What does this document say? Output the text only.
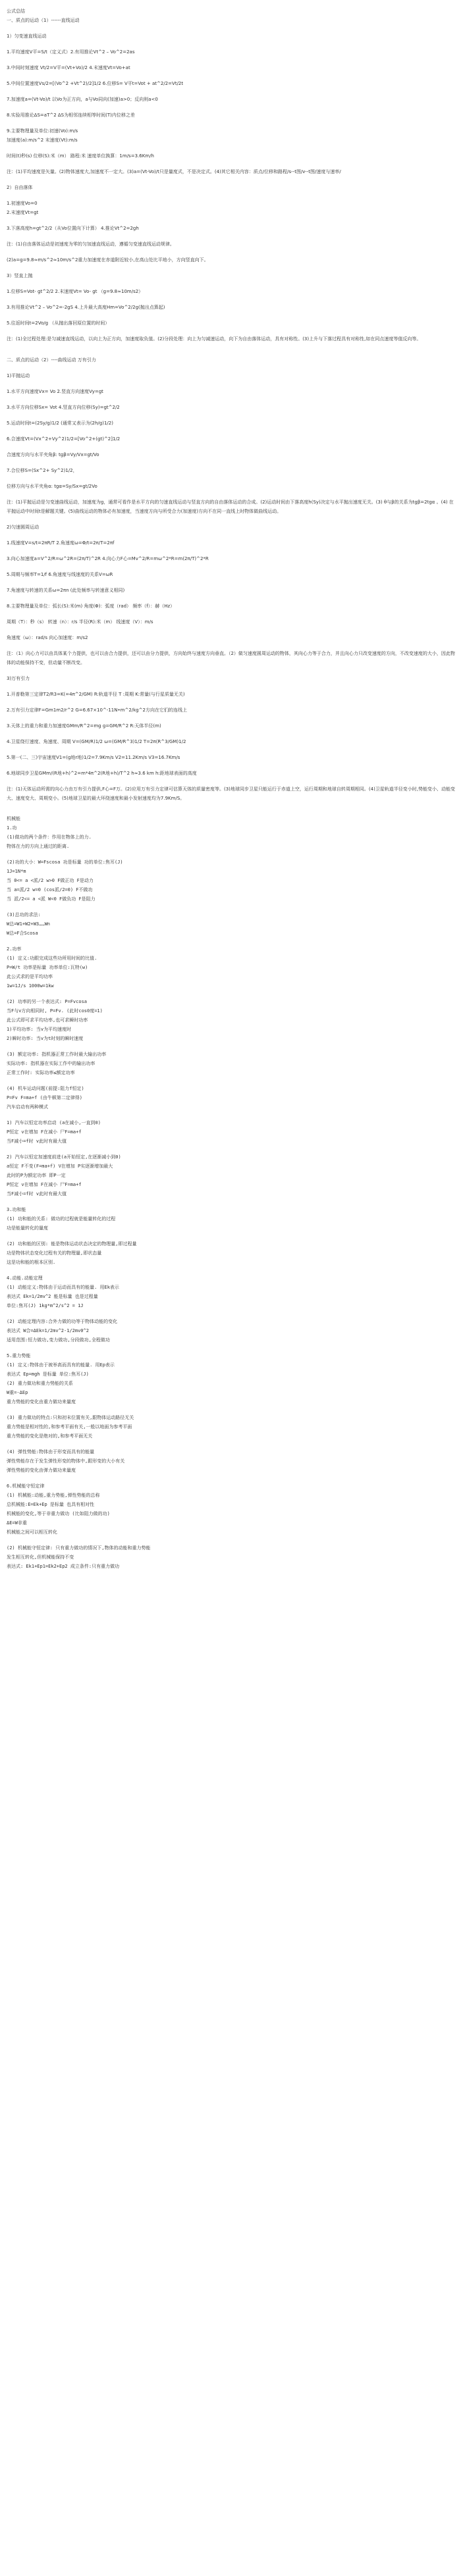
公式总结
一、质点的运动（1）------直线运动
1）匀变速直线运动
1.平均速度V平=S/t（定义式）2.有用推论Vt^2 – Vo^2=2as
3.中间时刻速度 Vt/2=V平=(Vt+Vo)/2 4.末速度Vt=Vo+at
5.中间位置速度Vs/2=[(Vo^2 +Vt^2)/2]1/2 6.位移S= V平t=Vot + at^2/2=Vt/2t
7.加速度a=(Vt-Vo)/t 以Vo为正方向，a与Vo同向(加速)a>0；反向则a<0
8.实验用推论ΔS=aT^2 ΔS为相邻连续相等时间(T)内位移之差
9.主要物理量及单位:初速(Vo):m/s
加速度(a):m/s^2 末速度(Vt):m/s
时间(t)秒(s) 位移(S):米（m） 路程:米 速度单位换算：1m/s=3.6Km/h
注：(1)平均速度是矢量。(2)物体速度大,加速度不一定大。(3)a=(Vt-Vo)/t只是量度式，不是决定式。(4)其它相关内容：质点/位移和路程/s--t图/v--t图/速度与速率/
2）自由落体
1.初速度Vo=0
2.末速度Vt=gt
3.下落高度h=gt^2/2（从Vo位置向下计算） 4.推论Vt^2=2gh
注：(1)自由落体运动是初速度为零的匀加速直线运动，遵循匀变速直线运动规律。
(2)a=g=9.8≈m/s^2≈10m/s^2重力加速度在赤道附近较小,在高山处比平地小，方向竖直向下。
3）竖直上抛
1.位移S=Vot- gt^2/2 2.末速度Vt= Vo- gt （g=9.8≈10m/s2）
3.有用推论Vt^2 – Vo^2=-2gS 4.上升最大高度Hm=Vo^2/2g(抛出点算起)
5.往返时间t=2Vo/g （从抛出落回原位置的时间）
注：(1)全过程处理:是匀减速直线运动，以向上为正方向，加速度取负值。(2)分段处理：向上为匀减速运动，向下为自由落体运动，具有对称性。(3)上升与下落过程具有对称性,如在同点速度等值反向等。
二、质点的运动（2）----曲线运动 万有引力
1)平抛运动
1.水平方向速度Vx= Vo 2.竖直方向速度Vy=gt
3.水平方向位移Sx= Vot 4.竖直方向位移(Sy)=gt^2/2
5.运动时间t=(2Sy/g)1/2 (通常又表示为(2h/g)1/2)
6.合速度Vt=(Vx^2+Vy^2)1/2=[Vo^2+(gt)^2]1/2
合速度方向与水平夹角β: tgβ=Vy/Vx=gt/Vo
7.合位移S=(Sx^2+ Sy^2)1/2，
位移方向与水平夹角α: tgα=Sy/Sx=gt/2Vo
注：(1)平抛运动是匀变速曲线运动，加速度为g，通常可看作是水平方向的匀速直线运动与竖直方向的自由落体运动的合成。(2)运动时间由下落高度h(Sy)决定与水平抛出速度无关。(3) θ与β的关系为tgβ=2tgα 。(4) 在平抛运动中时间t是解题关键。(5)曲线运动的物体必有加速度，当速度方向与所受合力(加速度)方向不在同一直线上时物体做曲线运动。
2)匀速圆周运动
1.线速度V=s/t=2πR/T 2.角速度ω=Φ/t=2π/T=2πf
3.向心加速度a=V^2/R=ω^2R=(2π/T)^2R 4.向心力F心=Mv^2/R=mω^2*R=m(2π/T)^2*R
5.周期与频率T=1/f 6.角速度与线速度的关系V=ωR
7.角速度与转速的关系ω=2πn (此处频率与转速意义相同)
8.主要物理量及单位：弧长(S):米(m) 角度(Φ)：弧度（rad） 频率（f）：赫（Hz）
周期（T）：秒（s） 转速（n）：r/s 半径(R):米（m） 线速度（V）：m/s
角速度（ω）：rad/s 向心加速度：m/s2
注：（1）向心力可以由具体某个力提供，也可以由合力提供，还可以由分力提供，方向始终与速度方向垂直。（2）做匀速度圆周运动的物体，其向心力等于合力，并且向心力只改变速度的方向，不改变速度的大小，因此物体的动能保持不变，但动量不断改变。
3)万有引力
1.开普勒第三定律T2/R3=K(=4π^2/GM) R:轨道半径 T :周期 K:常量(与行星质量无关)
2.万有引力定律F=Gm1m2/r^2 G=6.67×10^-11N•m^2/kg^2方向在它们的连线上
3.天体上的重力和重力加速度GMm/R^2=mg g=GM/R^2 R:天体半径(m)
4.卫星绕行速度、角速度、周期 V=(GM/R)1/2 ω=(GM/R^3)1/2 T=2π(R^3/GM)1/2
5.第一(二、三)宇宙速度V1=(g地r地)1/2=7.9Km/s V2=11.2Km/s V3=16.7Km/s
6.地球同步卫星GMm/(R地+h)^2=m*4π^2(R地+h)/T^2 h≈3.6 km h:距地球表面的高度
注：(1)天体运动所需的向心力由万有引力提供,F心=F万。(2)应用万有引力定律可估算天体的质量密度等。(3)地球同步卫星只能运行于赤道上空，运行周期和地球自转周期相同。(4)卫星轨道半径变小时,势能变小、动能变大、速度变大、周期变小。(5)地球卫星的最大环绕速度和最小发射速度均为7.9Km/S。
机械能
1.功
(1)做功的两个条件：作用在物体上的力.
物体在力的方向上通过的距离.
(2)功的大小：W=Fscosa 功是标量 功的单位:焦耳(J)
1J=1N*m
当 0<= a <派/2 w>0 F做正功 F是动力
当 a=派/2 w=0 (cos派/2=0) F不做功
当 派/2<= a <派 W<0 F做负功 F是阻力
(3)总功的求法:
W总=W1+W2+W3……Wn
W总=F合Scosa
2.功率
(1) 定义:功跟完成这些功所用时间的比值.
P=W/t 功率是标量 功率单位:瓦特(w)
此公式求的是平均功率
1w=1J/s 1000w=1kw
(2) 功率的另一个表达式: P=Fvcosa
当F与v方向相同时, P=Fv. (此时cos0度=1)
此公式即可求平均功率,也可求瞬时功率
1)平均功率: 当v为平均速度时
2)瞬时功率: 当v为t时刻的瞬时速度
(3) 额定功率: 指机器正常工作时最大输出功率
实际功率: 指机器在实际工作中的输出功率
正常工作时: 实际功率≤额定功率
(4) 机车运动问题(前提:阻力f恒定)
P=Fv F=ma+f (由牛顿第二定律得)
汽车启动有两种模式
1) 汽车以恒定功率启动 (a在减小,一直到0)
P恒定 v在增加 F在减小 尸F=ma+f
当F减小=f时 v此时有最大值
2) 汽车以恒定加速度前进(a开始恒定,在逐渐减小到0)
a恒定 F不变(F=ma+f) V在增加 P实逐渐增加最大
此时的P为额定功率 即P一定
P恒定 v在增加 F在减小 尸F=ma+f
当F减小=f时 v此时有最大值
3.功和能
(1) 功和能的关系: 做功的过程就是能量转化的过程
功是能量转化的量度
(2) 功和能的区别: 能是物体运动状态决定的物理量,即过程量
功是物体状态变化过程有关的物理量,即状态量
这是功和能的根本区别.
4.动能.动能定理
(1) 动能定义:物体由于运动而具有的能量. 用Ek表示
表达式 Ek=1/2mv^2 能是标量 也是过程量
单位:焦耳(J) 1kg*m^2/s^2 = 1J
(2) 动能定理内容:合外力做的功等于物体动能的变化
表达式 W合=ΔEk=1/2mv^2-1/2mv0^2
适用范围:恒力做功,变力做功,分段做功,全程做功
5.重力势能
(1) 定义:物体由于被举高而具有的能量. 用Ep表示
表达式 Ep=mgh 是标量 单位:焦耳(J)
(2) 重力做功和重力势能的关系
W重=-ΔEp
重力势能的变化由重力做功来量度
(3) 重力做功的特点:只和初末位置有关,跟物体运动路径无关
重力势能是相对性的,和参考平面有关,一般以地面为参考平面
重力势能的变化是绝对的,和参考平面无关
(4) 弹性势能:物体由于形变而具有的能量
弹性势能存在于发生弹性形变的物体中,跟形变的大小有关
弹性势能的变化由弹力做功来量度
6.机械能守恒定律
(1) 机械能:动能,重力势能,弹性势能的总称
总机械能:E=Ek+Ep 是标量 也具有相对性
机械能的变化,等于非重力做功 (比如阻力做的功)
ΔE=W非重
机械能之间可以相互转化
(2) 机械能守恒定律: 只有重力做功的情况下,物体的动能和重力势能
发生相互转化,但机械能保持不变
表达式: Ek1+Ep1=Ek2+Ep2 成立条件:只有重力做功
